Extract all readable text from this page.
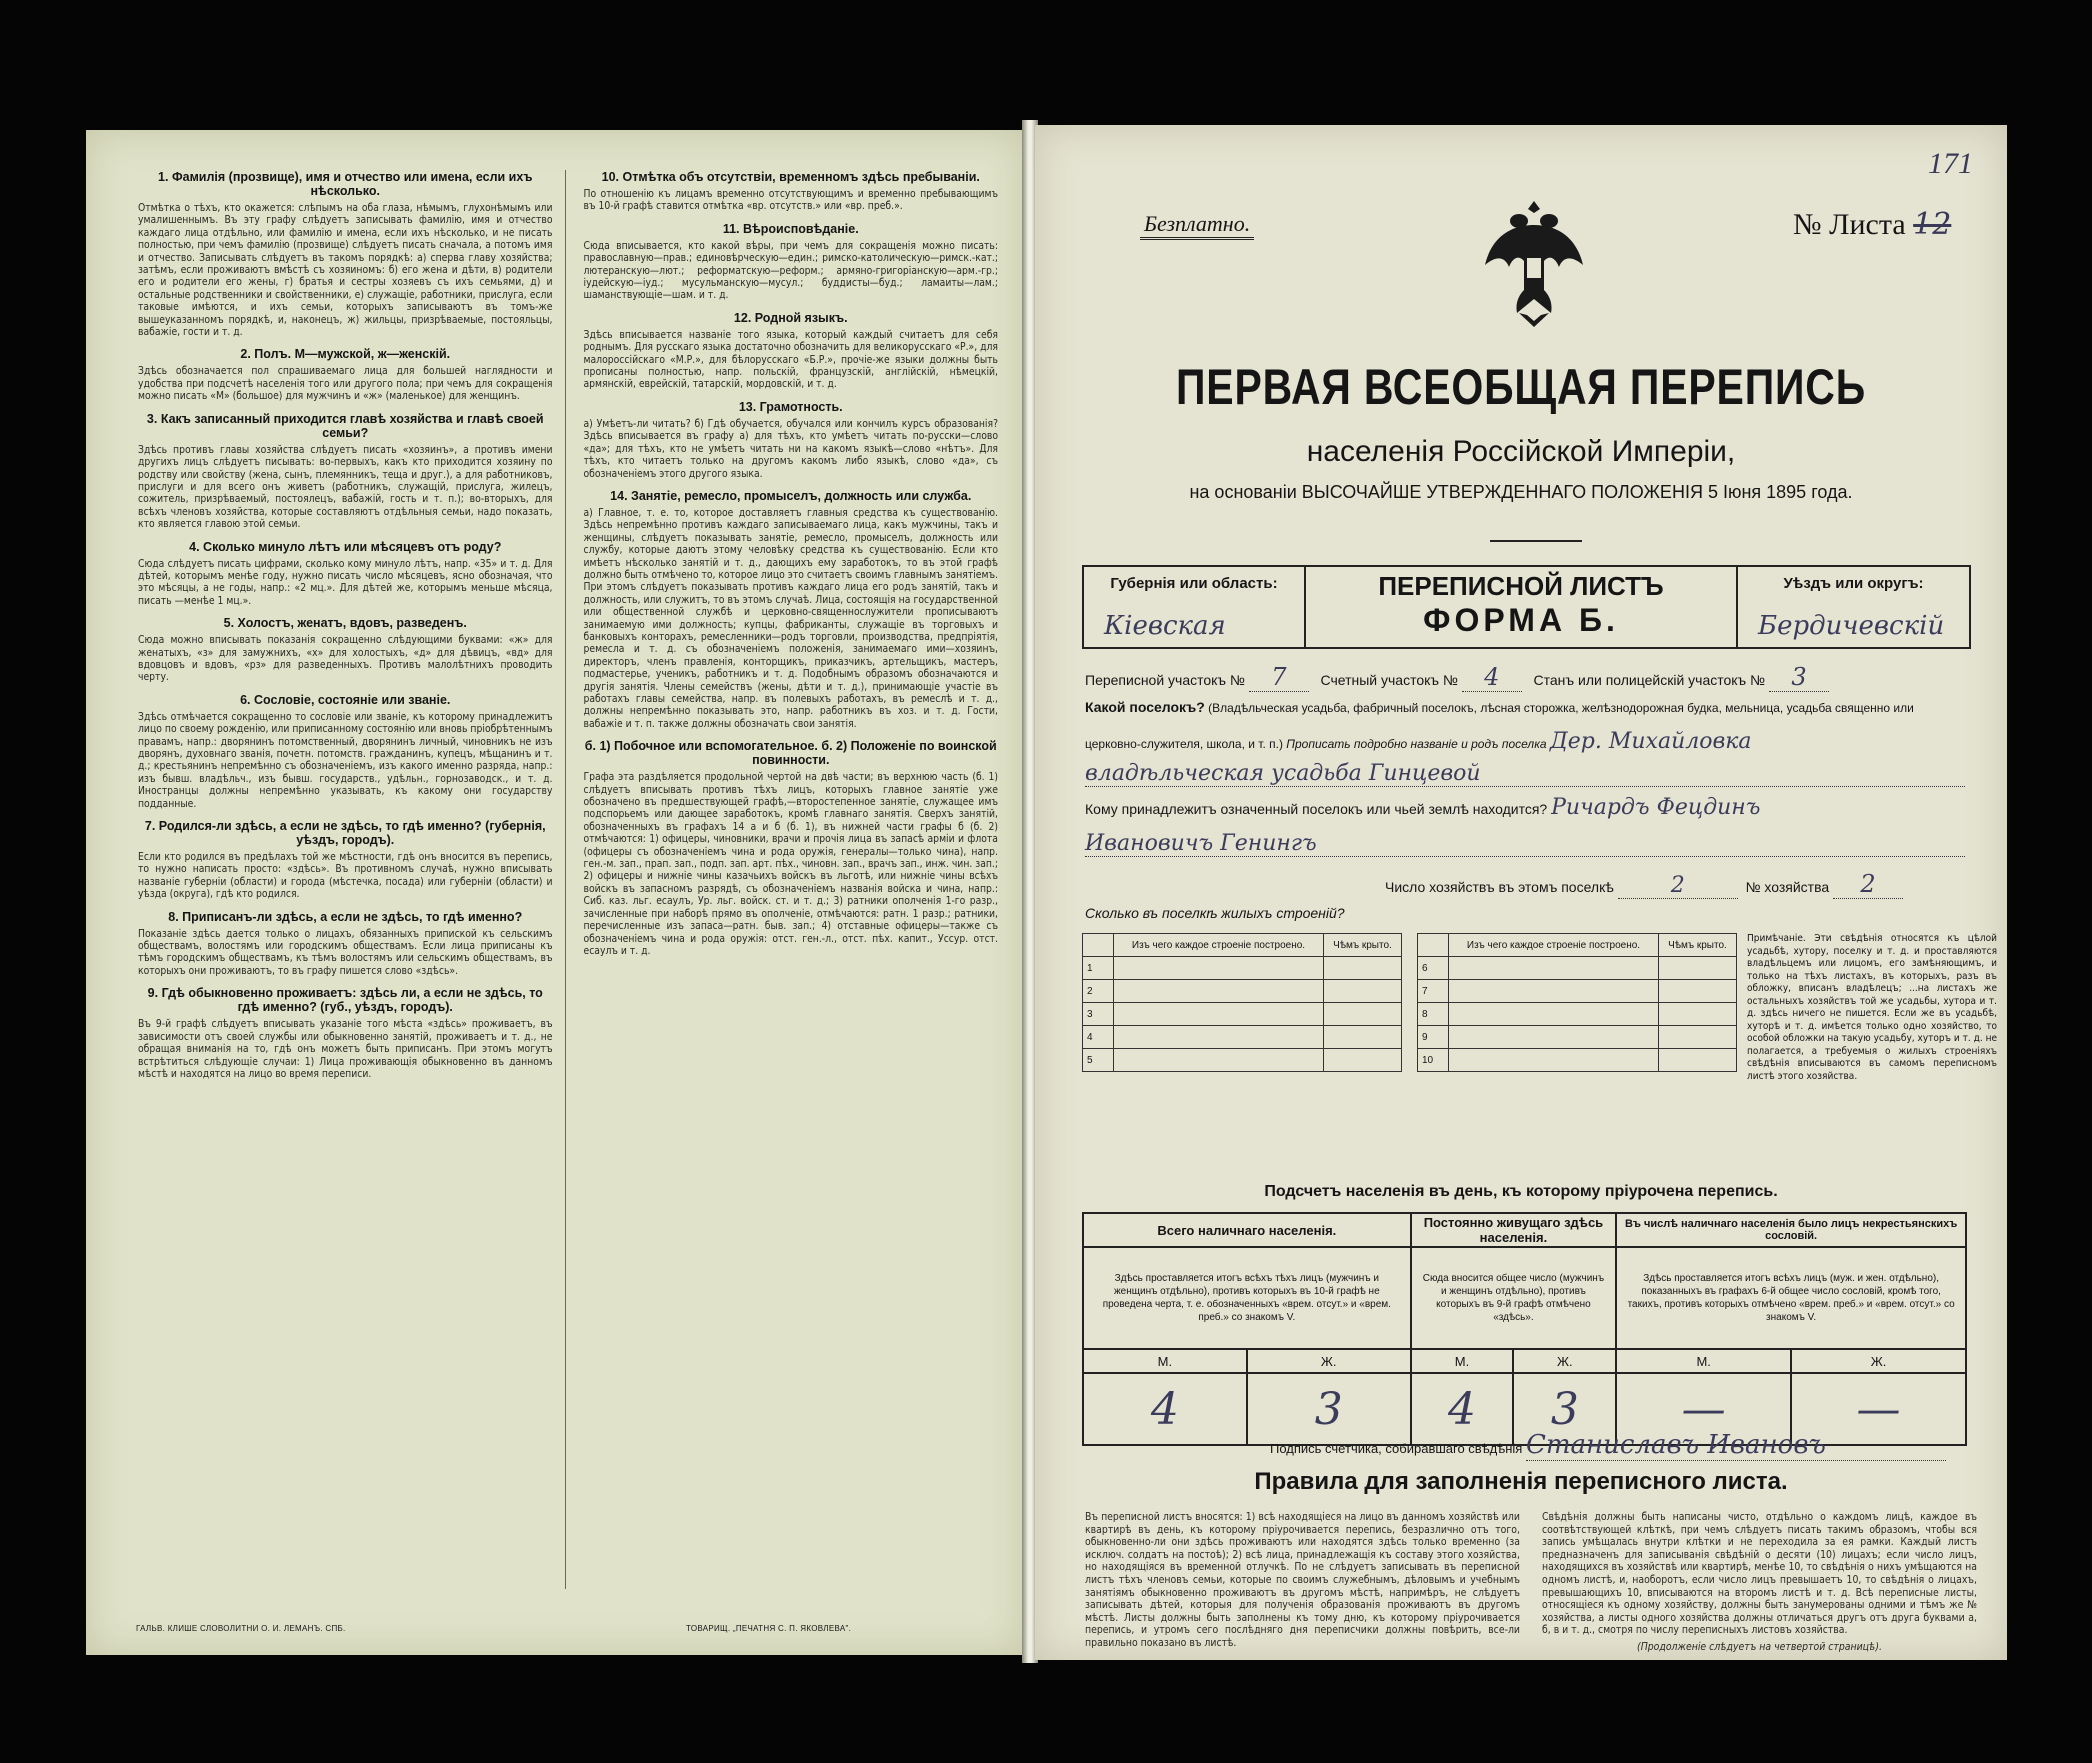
1. Фамилія (прозвище), имя и отчество или имена, если ихъ нѣсколько.

Отмѣтка о тѣхъ, кто окажется: слѣпымъ на оба глаза, нѣмымъ, глухонѣмымъ или умалишеннымъ. Въ эту графу слѣдуетъ записывать фамилію, имя и отчество каждаго лица отдѣльно, или фамилію и имена, если ихъ нѣсколько, и не писать полностью, при чемъ фамилію (прозвище) слѣдуетъ писать сначала, а потомъ имя и отчество. Записывать слѣдуетъ въ такомъ порядкѣ: а) сперва главу хозяйства; затѣмъ, если проживаютъ вмѣстѣ съ хозяиномъ: б) его жена и дѣти, в) родители его и родители его жены, г) братья и сестры хозяевъ съ ихъ семьями, д) и остальные родственники и свойственники, е) служащіе, работники, прислуга, если таковые имѣются, и ихъ семьи, которыхъ записываютъ въ томъ-же вышеуказанномъ порядкѣ, и, наконецъ, ж) жильцы, призрѣваемые, постояльцы, вабажіе, гости и т. д.

2. Полъ. М—мужской, ж—женскій.

Здѣсь обозначается пол спрашиваемаго лица для большей наглядности и удобства при подсчетѣ населенія того или другого пола; при чемъ для сокращенія можно писать «М» (большое) для мужчинъ и «ж» (маленькое) для женщинъ.

3. Какъ записанный приходится главѣ хозяйства и главѣ своей семьи?

Здѣсь противъ главы хозяйства слѣдуетъ писать «хозяинъ», а противъ имени другихъ лицъ слѣдуетъ писывать: во-первыхъ, какъ кто приходится хозяину по родству или свойству (жена, сынъ, племянникъ, теща и друг.), а для работниковъ, прислуги и для всего онъ живетъ (работникъ, служащій, прислуга, жилецъ, сожитель, призрѣваемый, постоялецъ, вабажій, гость и т. п.); во-вторыхъ, для всѣхъ членовъ хозяйства, которые составляютъ отдѣльныя семьи, надо показать, кто является главою этой семьи.

4. Сколько минуло лѣтъ или мѣсяцевъ отъ роду?

Сюда слѣдуетъ писать цифрами, сколько кому минуло лѣтъ, напр. «35» и т. д. Для дѣтей, которымъ менѣе году, нужно писать число мѣсяцевъ, ясно обозначая, что это мѣсяцы, а не годы, напр.: «2 мц.». Для дѣтей же, которымъ меньше мѣсяца, писать —менѣе 1 мц.».

5. Холостъ, женатъ, вдовъ, разведенъ.

Сюда можно вписывать показанія сокращенно слѣдующими буквами: «ж» для женатыхъ, «з» для замужнихъ, «х» для холостыхъ, «д» для дѣвицъ, «вд» для вдовцовъ и вдовъ, «рз» для разведенныхъ. Противъ малолѣтнихъ проводить черту.

6. Сословіе, состояніе или званіе.

Здѣсь отмѣчается сокращенно то сословіе или званіе, къ которому принадлежитъ лицо по своему рожденію, или приписанному состоянію или вновь пріобрѣтеннымъ правамъ, напр.: дворянинъ потомственный, дворянинъ личный, чиновникъ не изъ дворянъ, духовнаго званія, почетн. потомств. гражданинъ, купецъ, мѣщанинъ и т. д.; крестьянинъ непремѣнно съ обозначеніемъ, изъ какого именно разряда, напр.: изъ бывш. владѣльч., изъ бывш. государств., удѣльн., горнозаводск., и т. д. Иностранцы должны непремѣнно указывать, къ какому они государству подданные.

7. Родился-ли здѣсь, а если не здѣсь, то гдѣ именно? (губернія, уѣздъ, городъ).

Если кто родился въ предѣлахъ той же мѣстности, гдѣ онъ вносится въ перепись, то нужно написать просто: «здѣсь». Въ противномъ случаѣ, нужно вписывать названіе губерніи (области) и города (мѣстечка, посада) или губерніи (области) и уѣзда (округа), гдѣ кто родился.

8. Приписанъ-ли здѣсь, а если не здѣсь, то гдѣ именно?

Показаніе здѣсь дается только о лицахъ, обязанныхъ припиской къ сельскимъ обществамъ, волостямъ или городскимъ обществамъ. Если лица приписаны къ тѣмъ городскимъ обществамъ, къ тѣмъ волостямъ или сельскимъ обществамъ, въ которыхъ они проживаютъ, то въ графу пишется слово «здѣсь».

9. Гдѣ обыкновенно проживаетъ: здѣсь ли, а если не здѣсь, то гдѣ именно? (губ., уѣздъ, городъ).

Въ 9-й графѣ слѣдуетъ вписывать указаніе того мѣста «здѣсь» проживаетъ, въ зависимости отъ своей службы или обыкновенно занятій, проживаетъ и т. д., не обращая вниманія на то, гдѣ онъ можетъ быть приписанъ. При этомъ могутъ встрѣтиться слѣдующіе случаи: 1) Лица проживающія обыкновенно въ данномъ мѣстѣ и находятся на лицо во время переписи.

10. Отмѣтка объ отсутствіи, временномъ здѣсь пребываніи.

По отношенію къ лицамъ временно отсутствующимъ и временно пребывающимъ въ 10-й графѣ ставится отмѣтка «вр. отсутств.» или «вр. преб.».

11. Вѣроисповѣданіе.

Сюда вписывается, кто какой вѣры, при чемъ для сокращенія можно писать: православную—прав.; единовѣрческую—един.; римско-католическую—римск.-кат.; лютеранскую—лют.; реформатскую—реформ.; армяно-григоріанскую—арм.-гр.; іудейскую—іуд.; мусульманскую—мусул.; буддисты—буд.; ламаиты—лам.; шаманствующіе—шам. и т. д.

12. Родной языкъ.

Здѣсь вписывается названіе того языка, который каждый считаетъ для себя роднымъ. Для русскаго языка достаточно обозначить для великорусскаго «Р.», для малороссійскаго «М.Р.», для бѣлорусскаго «Б.Р.», прочіе-же языки должны быть прописаны полностью, напр. польскій, французскій, англійскій, нѣмецкій, армянскій, еврейскій, татарскій, мордовскій, и т. д.

13. Грамотность.

а) Умѣетъ-ли читать? б) Гдѣ обучается, обучался или кончилъ курсъ образованія? Здѣсь вписывается въ графу а) для тѣхъ, кто умѣетъ читать по-русски—слово «да»; для тѣхъ, кто не умѣетъ читать ни на какомъ языкѣ—слово «нѣтъ». Для тѣхъ, кто читаетъ только на другомъ какомъ либо языкѣ, слово «да», съ обозначеніемъ этого другого языка.

14. Занятіе, ремесло, промыселъ, должность или служба.

а) Главное, т. е. то, которое доставляетъ главныя средства къ существованію. Здѣсь непремѣнно противъ каждаго записываемаго лица, какъ мужчины, такъ и женщины, слѣдуетъ показывать занятіе, ремесло, промыселъ, должность или службу, которые даютъ этому человѣку средства къ существованію. Если кто имѣетъ нѣсколько занятій и т. д., дающихъ ему заработокъ, то въ этой графѣ должно быть отмѣчено то, которое лицо это считаетъ своимъ главнымъ занятіемъ. При этомъ слѣдуетъ показывать противъ каждаго лица его родъ занятій, такъ и должность, или служитъ, то въ этомъ случаѣ. Лица, состоящія на государственной или общественной службѣ и церковно-священнослужители прописываютъ занимаемую ими должность; купцы, фабриканты, служащіе въ торговыхъ и банковыхъ конторахъ, ремесленники—родъ торговли, производства, предпріятія, ремесла и т. д. съ обозначеніемъ положенія, занимаемаго ими—хозяинъ, директоръ, членъ правленія, конторщикъ, приказчикъ, артельщикъ, мастеръ, подмастерье, ученикъ, работникъ и т. д. Подобнымъ образомъ обозначаются и другія занятія. Члены семействъ (жены, дѣти и т. д.), принимающіе участіе въ работахъ главы семейства, напр. въ полевыхъ работахъ, въ ремеслѣ и т. д., должны непремѣнно показывать это, напр. работникъ въ хоз. и т. д. Гости, вабажіе и т. п. также должны обозначать свои занятія.

б. 1) Побочное или вспомогательное. б. 2) Положеніе по воинской повинности.

Графа эта раздѣляется продольной чертой на двѣ части; въ верхнюю часть (б. 1) слѣдуетъ вписывать противъ тѣхъ лицъ, которыхъ главное занятіе уже обозначено въ предшествующей графѣ,—второстепенное занятіе, служащее имъ подспорьемъ или дающее заработокъ, кромѣ главнаго занятія. Сверхъ занятій, обозначенныхъ въ графахъ 14 а и б (б. 1), въ нижней части графы б (б. 2) отмѣчаются: 1) офицеры, чиновники, врачи и прочія лица въ запасѣ арміи и флота (офицеры съ обозначеніемъ чина и рода оружія, генералы—только чина), напр. ген.-м. зап., прап. зап., подп. зап. арт. пѣх., чиновн. зап., врачъ зап., инж. чин. зап.; 2) офицеры и нижніе чины казачьихъ войскъ въ льготѣ, или нижніе чины всѣхъ войскъ въ запасномъ разрядѣ, съ обозначеніемъ названія войска и чина, напр.: Сиб. каз. льг. есаулъ, Ур. льг. войск. ст. и т. д.; 3) ратники ополченія 1-го разр., зачисленные при наборѣ прямо въ ополченіе, отмѣчаются: ратн. 1 разр.; ратники, перечисленные изъ запаса—ратн. быв. зап.; 4) отставные офицеры—также съ обозначеніемъ чина и рода оружія: отст. ген.-л., отст. пѣх. капит., Уссур. отст. есаулъ и т. д.

ГАЛЬВ. КЛИШЕ СЛОВОЛИТНИ О. И. ЛЕМАНЪ. СПБ.	ТОВАРИЩ. „ПЕЧАТНЯ С. П. ЯКОВЛЕВА".
171
Безплатно.	№ Листа 12
ПЕРВАЯ ВСЕОБЩАЯ ПЕРЕПИСЬ
населенія Россійской Имперіи,
на основаніи ВЫСОЧАЙШЕ УТВЕРЖДЕННАГО ПОЛОЖЕНІЯ 5 Іюня 1895 года.
Губернія или область:
Кіевская
ПЕРЕПИСНОЙ ЛИСТЪ
ФОРМА Б.
Уѣздъ или округъ:
Бердичевскій
Переписной участокъ № 7 Счетный участокъ № 4 Станъ или полицейскій участокъ № 3
Какой поселокъ? (Владѣльческая усадьба, фабричный поселокъ, лѣсная сторожка, желѣзнодорожная будка, мельница, усадьба священно или
церковно-служителя, школа, и т. п.) Прописать подробно названіе и родъ поселка Дер. Михайловка
владѣльческая усадьба Гинцевой
Кому принадлежитъ означенный поселокъ или чьей землѣ находится? Ричардъ Фецдинъ
Ивановичъ Генингъ
Число хозяйствъ въ этомъ поселкѣ	2	№ хозяйства 2
Сколько въ поселкѣ жилыхъ строеній?
	Изъ чего каждое строеніе построено.	Чѣмъ крыто.
1		
2		
3		
4		
5		
	Изъ чего каждое строеніе построено.	Чѣмъ крыто.
6		
7		
8		
9		
10		
Примѣчаніе. Эти свѣдѣнія относятся къ цѣлой усадьбѣ, хутору, поселку и т. д. и проставляются владѣльцемъ или лицомъ, его замѣняющимъ, и только на тѣхъ листахъ, въ которыхъ, разъ въ обложку, вписанъ владѣлецъ; ...на листахъ же остальныхъ хозяйствъ той же усадьбы, хутора и т. д. здѣсь ничего не пишется. Если же въ усадьбѣ, хуторѣ и т. д. имѣется только одно хозяйство, то особой обложки на такую усадьбу, хуторъ и т. д. не полагается, а требуемыя о жилыхъ строеніяхъ свѣдѣнія вписываются въ самомъ переписномъ листѣ этого хозяйства.
Подсчетъ населенія въ день, къ которому пріурочена перепись.
Всего наличнаго населенія.		Постоянно живущаго здѣсь населенія.		Въ числѣ наличнаго населенія было лицъ некрестьянскихъ сословій.	
Здѣсь проставляется итогъ всѣхъ тѣхъ лицъ (мужчинъ и женщинъ отдѣльно), противъ которыхъ въ 10-й графѣ не проведена черта, т. е. обозначенныхъ «врем. отсут.» и «врем. преб.» со знакомъ V.		Сюда вносится общее число (мужчинъ и женщинъ отдѣльно), противъ которыхъ въ 9-й графѣ отмѣчено «здѣсь».		Здѣсь проставляется итогъ всѣхъ лицъ (муж. и жен. отдѣльно), показанныхъ въ графахъ 6-й общее число сословій, кромѣ того, такихъ, противъ которыхъ отмѣчено «врем. преб.» и «врем. отсут.» со знакомъ V.	
М.	Ж.	М.	Ж.	М.	Ж.
4	3	4	3	—	—
Подпись счетчика, собиравшаго свѣдѣнія Станиславъ Ивановъ
Правила для заполненія переписного листа.

Въ переписной листъ вносятся: 1) всѣ находящіеся на лицо въ данномъ хозяйствѣ или квартирѣ въ день, къ которому пріурочивается перепись, безразлично отъ того, обыкновенно-ли они здѣсь проживаютъ или находятся здѣсь только временно (за исключ. солдатъ на постоѣ); 2) всѣ лица, принадлежащія къ составу этого хозяйства, но находящіяся въ временной отлучкѣ. По не слѣдуетъ записывать въ переписной листъ тѣхъ членовъ семьи, которые по своимъ служебнымъ, дѣловымъ и учебнымъ занятіямъ обыкновенно проживаютъ въ другомъ мѣстѣ, напримѣръ, не слѣдуетъ записывать дѣтей, которыя для полученія образованія проживаютъ въ другомъ мѣстѣ. Листы должны быть заполнены къ тому дню, къ которому пріурочивается перепись, и утромъ сего послѣдняго дня переписчики должны повѣрить, все-ли правильно показано въ листѣ.

Свѣдѣнія должны быть написаны чисто, отдѣльно о каждомъ лицѣ, каждое въ соотвѣтствующей клѣткѣ, при чемъ слѣдуетъ писать такимъ образомъ, чтобы вся запись умѣщалась внутри клѣтки и не переходила за ея рамки. Каждый листъ предназначенъ для записыванія свѣдѣній о десяти (10) лицахъ; если число лицъ, находящихся въ хозяйствѣ или квартирѣ, менѣе 10, то свѣдѣнія о нихъ умѣщаются на одномъ листѣ, и, наоборотъ, если число лицъ превышаетъ 10, то свѣдѣнія о лицахъ, превышающихъ 10, вписываются на второмъ листѣ и т. д. Всѣ переписные листы, относящіеся къ одному хозяйству, должны быть занумерованы одними и тѣмъ же № хозяйства, а листы одного хозяйства должны отличаться другъ отъ друга буквами а, б, в и т. д., смотря по числу переписныхъ листовъ хозяйства.

(Продолженіе слѣдуетъ на четвертой страницѣ).
